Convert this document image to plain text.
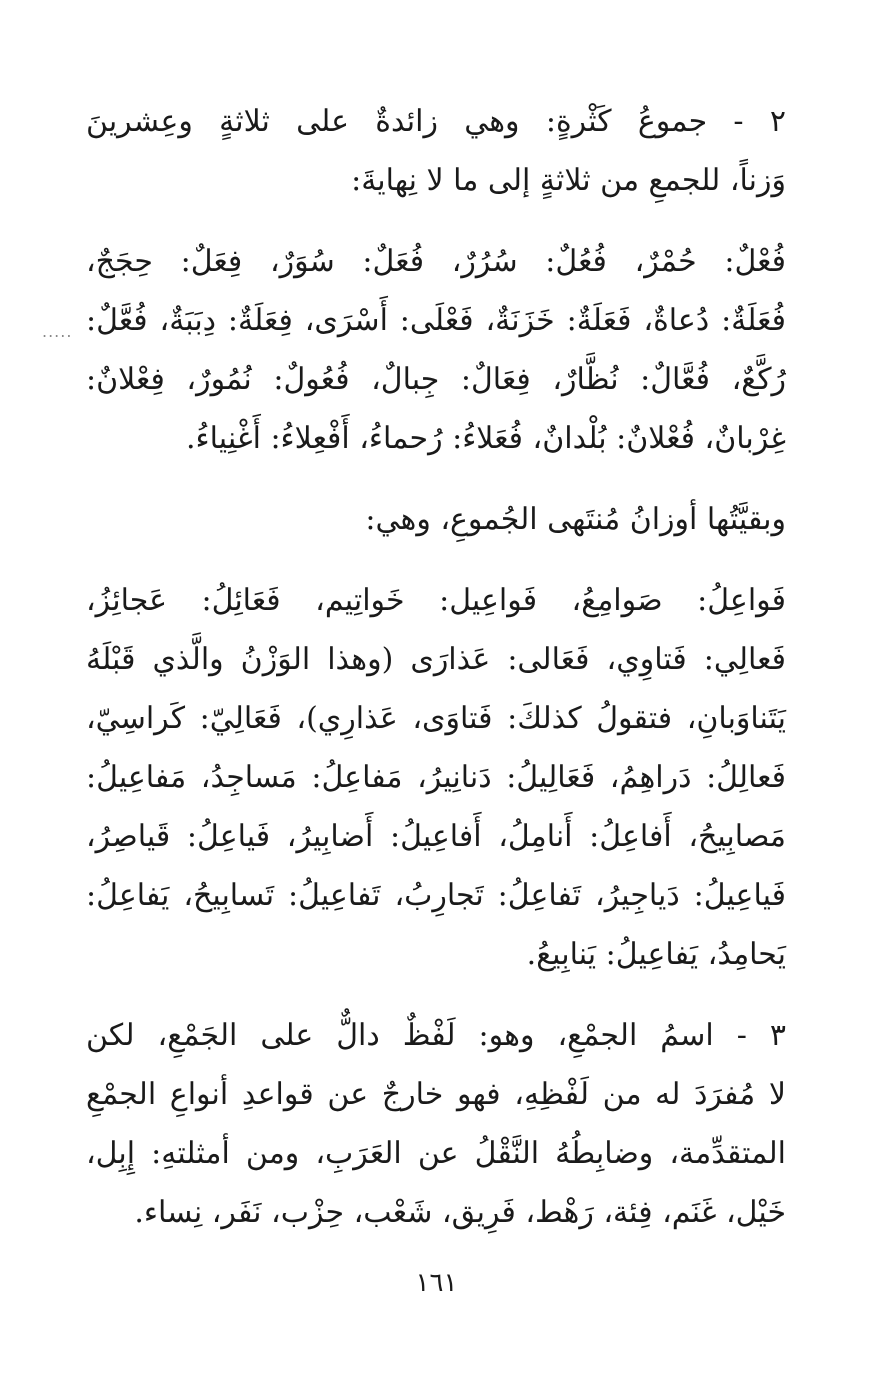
.....

٢ - جموعُ كَثْرةٍ: وهي زائدةٌ على ثلاثةٍ وعِشرينَ
وَزناً، للجمعِ من ثلاثةٍ إلى ما لا نِهايةَ:

فُعْلٌ: حُمْرٌ، فُعُلٌ: سُرُرٌ، فُعَلٌ: سُوَرٌ، فِعَلٌ: حِجَجٌ،
فُعَلَةٌ: دُعاةٌ، فَعَلَةٌ: خَزَنَةٌ، فَعْلَى: أَسْرَى، فِعَلَةٌ: دِبَبَةٌ، فُعَّلٌ:
رُكَّعٌ، فُعَّالٌ: نُظَّارٌ، فِعَالٌ: جِبالٌ، فُعُولٌ: نُمُورٌ، فِعْلانٌ:
غِرْبانٌ، فُعْلانٌ: بُلْدانٌ، فُعَلاءُ: رُحماءُ، أَفْعِلاءُ: أَغْنِياءُ.

وبقيَّتُها أوزانُ مُنتَهى الجُموعِ، وهي:

فَواعِلُ: صَوامِعُ، فَواعِيل: خَواتِيم، فَعَائِلُ: عَجائِزُ،
فَعالِي: فَتاوِي، فَعَالى: عَذارَى (وهذا الوَزْنُ والَّذي قَبْلَهُ
يَتَناوَبانِ، فتقولُ كذلكَ: فَتاوَى، عَذارِي)، فَعَالِيّ: كَراسِيّ،
فَعالِلُ: دَراهِمُ، فَعَالِيلُ: دَنانِيرُ، مَفاعِلُ: مَساجِدُ، مَفاعِيلُ:
مَصابِيحُ، أَفاعِلُ: أَنامِلُ، أَفاعِيلُ: أَضابِيرُ، فَياعِلُ: قَياصِرُ،
فَياعِيلُ: دَياجِيرُ، تَفاعِلُ: تَجارِبُ، تَفاعِيلُ: تَسابِيحُ، يَفاعِلُ:
يَحامِدُ، يَفاعِيلُ: يَنابِيعُ.

٣ - اسمُ الجمْعِ، وهو: لَفْظٌ دالٌّ على الجَمْعِ، لكن
لا مُفرَدَ له من لَفْظِهِ، فهو خارجٌ عن قواعدِ أنواعِ الجمْعِ
المتقدِّمة، وضابِطُهُ النَّقْلُ عن العَرَبِ، ومن أمثلتهِ: إِبِل،
خَيْل، غَنَم، فِئة، رَهْط، فَرِيق، شَعْب، حِزْب، نَفَر، نِساء.

١٦١
